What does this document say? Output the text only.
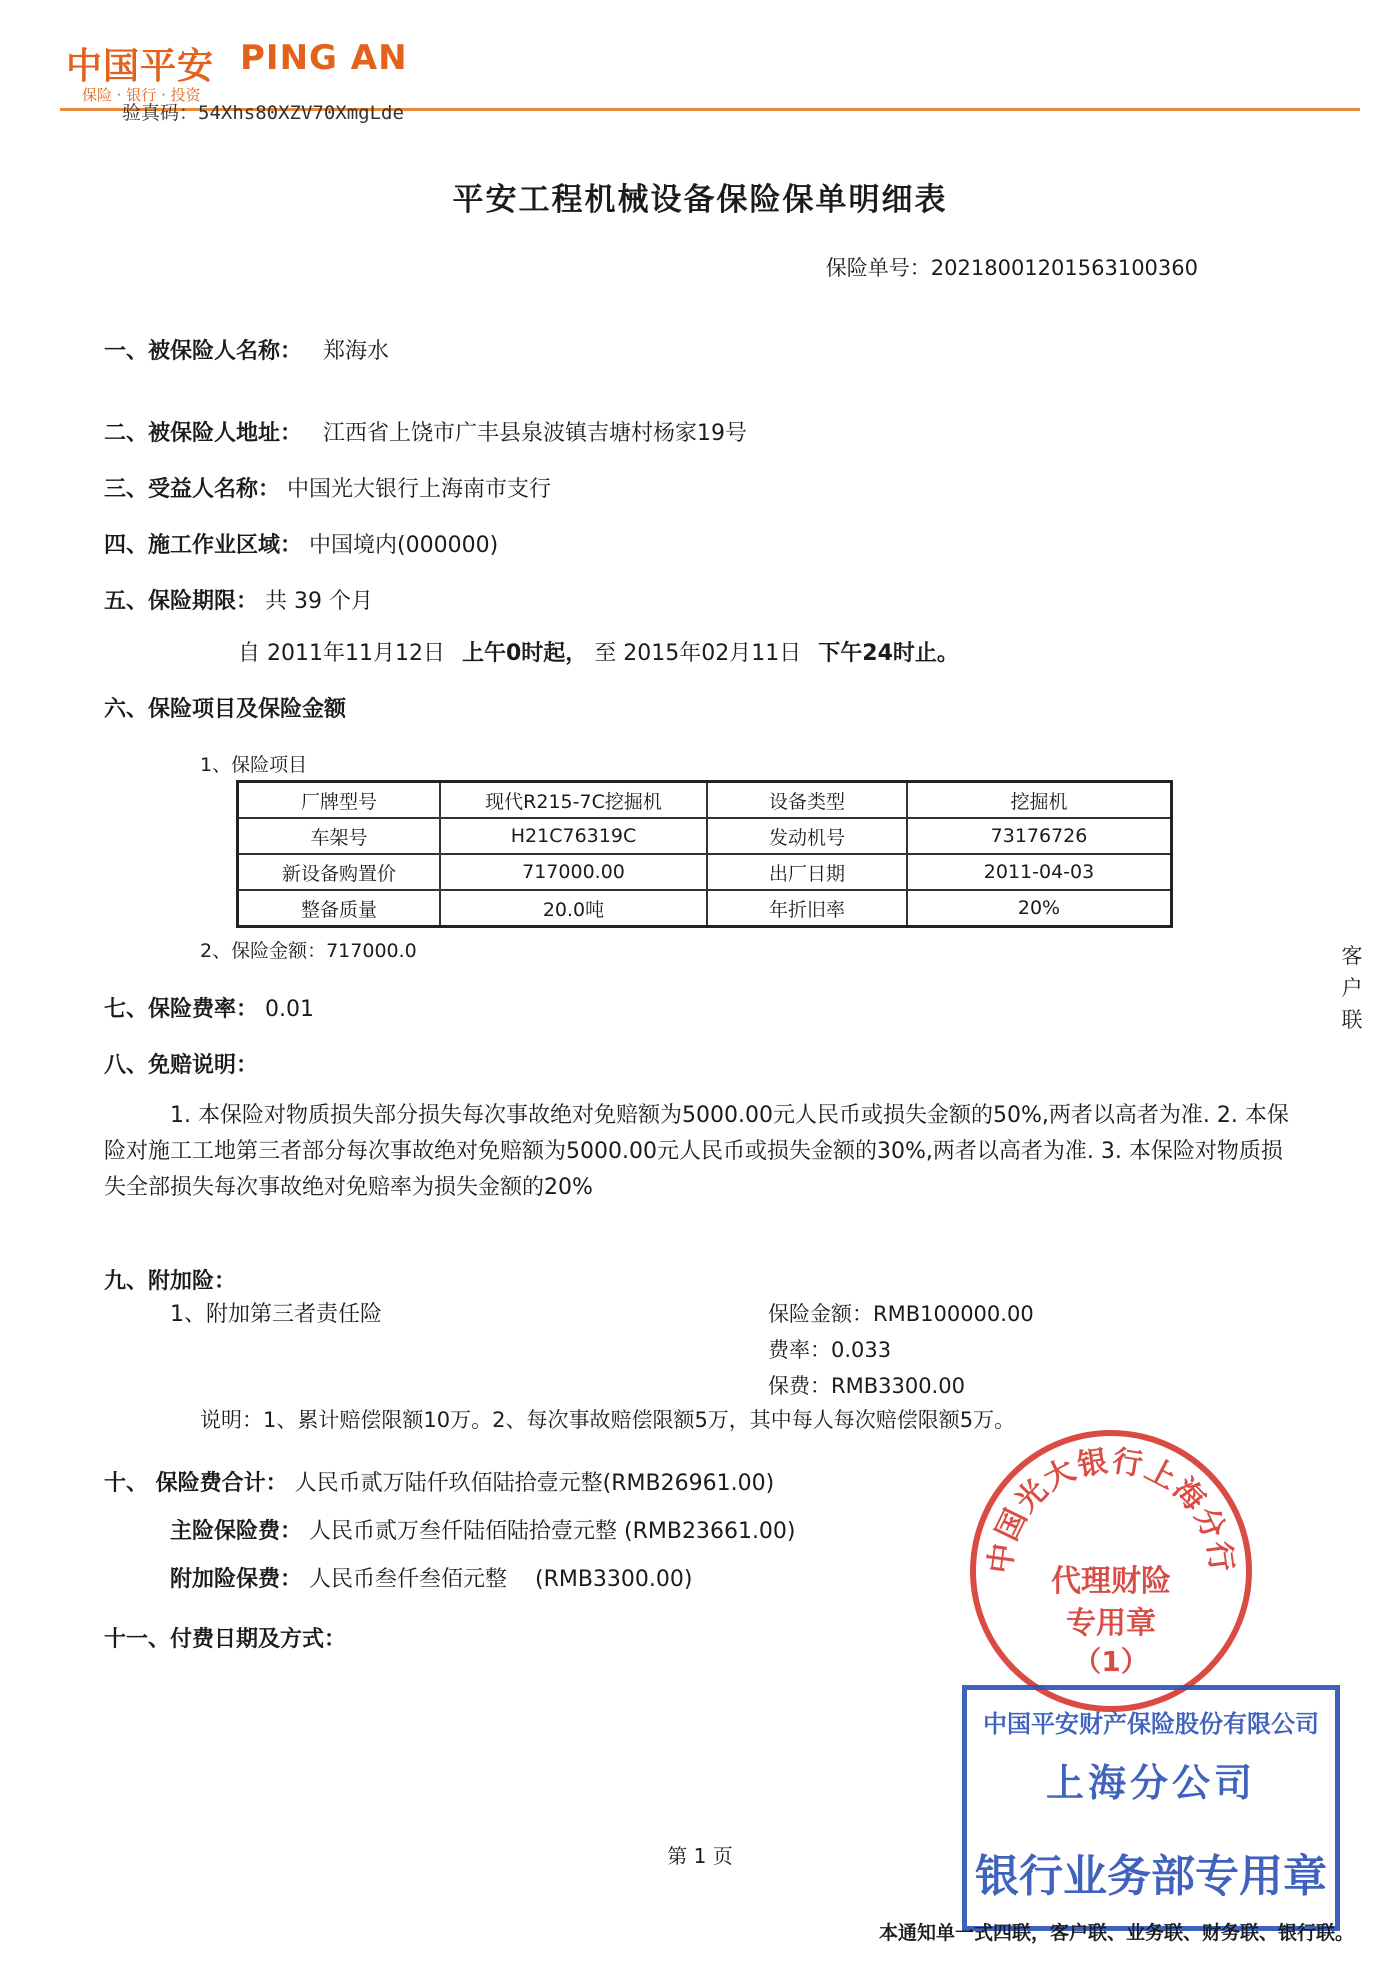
中国平安 PING AN
保险 · 银行 · 投资
验真码：54Xhs80XZV70XmgLde
平安工程机械设备保险保单明细表
保险单号：20218001201563100360
一、被保险人名称： 郑海水
二、被保险人地址： 江西省上饶市广丰县泉波镇吉塘村杨家19号
三、受益人名称： 中国光大银行上海南市支行
四、施工作业区域： 中国境内(000000)
五、保险期限： 共 39 个月
自 2011年11月12日 上午0时起， 至 2015年02月11日 下午24时止。
六、保险项目及保险金额
1、保险项目
厂牌型号	现代R215-7C挖掘机	设备类型	挖掘机
车架号	H21C76319C	发动机号	73176726
新设备购置价	717000.00	出厂日期	2011-04-03
整备质量	20.0吨	年折旧率	20%
2、保险金额：717000.0
七、保险费率： 0.01
八、免赔说明：
1. 本保险对物质损失部分损失每次事故绝对免赔额为5000.00元人民币或损失金额的50%,两者以高者为准. 2. 本保险对施工工地第三者部分每次事故绝对免赔额为5000.00元人民币或损失金额的30%,两者以高者为准. 3. 本保险对物质损失全部损失每次事故绝对免赔率为损失金额的20%
九、附加险：
1、附加第三者责任险	保险金额：RMB100000.00
费率：0.033
保费：RMB3300.00
说明：1、累计赔偿限额10万。2、每次事故赔偿限额5万，其中每人每次赔偿限额5万。
十、 保险费合计： 人民币贰万陆仟玖佰陆拾壹元整(RMB26961.00)
主险保险费： 人民币贰万叁仟陆佰陆拾壹元整 (RMB23661.00)
附加险保费： 人民币叁仟叁佰元整    (RMB3300.00)
十一、付费日期及方式：
客户联
中国光大银行上海分行
代理财险
专用章
（1）
中国平安财产保险股份有限公司
上海分公司
银行业务部专用章
第 1 页
本通知单一式四联，客户联、业务联、财务联、银行联。
